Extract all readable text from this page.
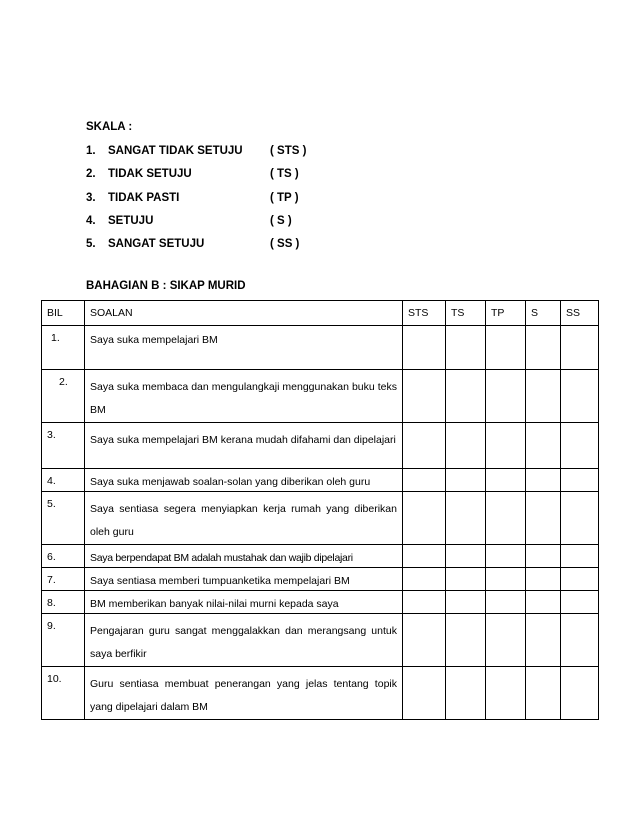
SKALA :
1.	SANGAT TIDAK SETUJU	( STS )
2.	TIDAK SETUJU	( TS )
3.	TIDAK PASTI	( TP )
4.	SETUJU	( S )
5.	SANGAT SETUJU	( SS )
BAHAGIAN B : SIKAP MURID
BIL	SOALAN	STS	TS	TP	S	SS
1.	Saya suka mempelajari BM					
2.	Saya suka membaca dan mengulangkaji menggunakan buku teks BM					
3.	Saya suka mempelajari BM kerana mudah difahami dan dipelajari					
4.	Saya suka menjawab soalan-solan yang diberikan oleh guru					
5.	Saya sentiasa segera menyiapkan kerja rumah yang diberikan oleh guru					
6.	Saya berpendapat BM adalah mustahak dan wajib dipelajari					
7.	Saya sentiasa memberi tumpuanketika mempelajari BM					
8.	BM memberikan banyak nilai-nilai murni kepada saya					
9.	Pengajaran guru sangat menggalakkan dan merangsang untuk saya berfikir					
10.	Guru sentiasa membuat penerangan yang jelas tentang topik yang dipelajari dalam BM					
